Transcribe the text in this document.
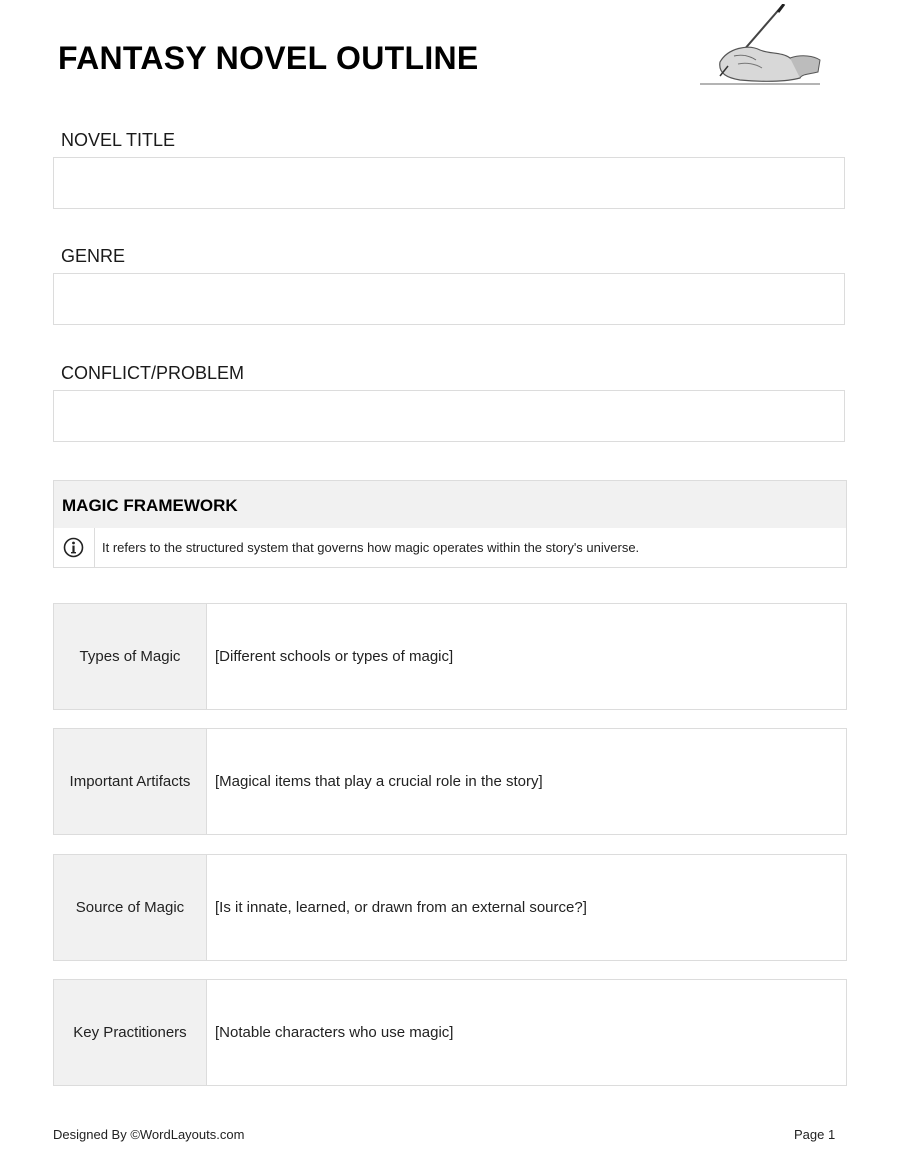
FANTASY NOVEL OUTLINE
NOVEL TITLE
GENRE
CONFLICT/PROBLEM
MAGIC FRAMEWORK
It refers to the structured system that governs how magic operates within the story's universe.
Types of Magic	[Different schools or types of magic]
Important Artifacts	[Magical items that play a crucial role in the story]
Source of Magic	[Is it innate, learned, or drawn from an external source?]
Key Practitioners	[Notable characters who use magic]
Designed By ©WordLayouts.com	Page 1
